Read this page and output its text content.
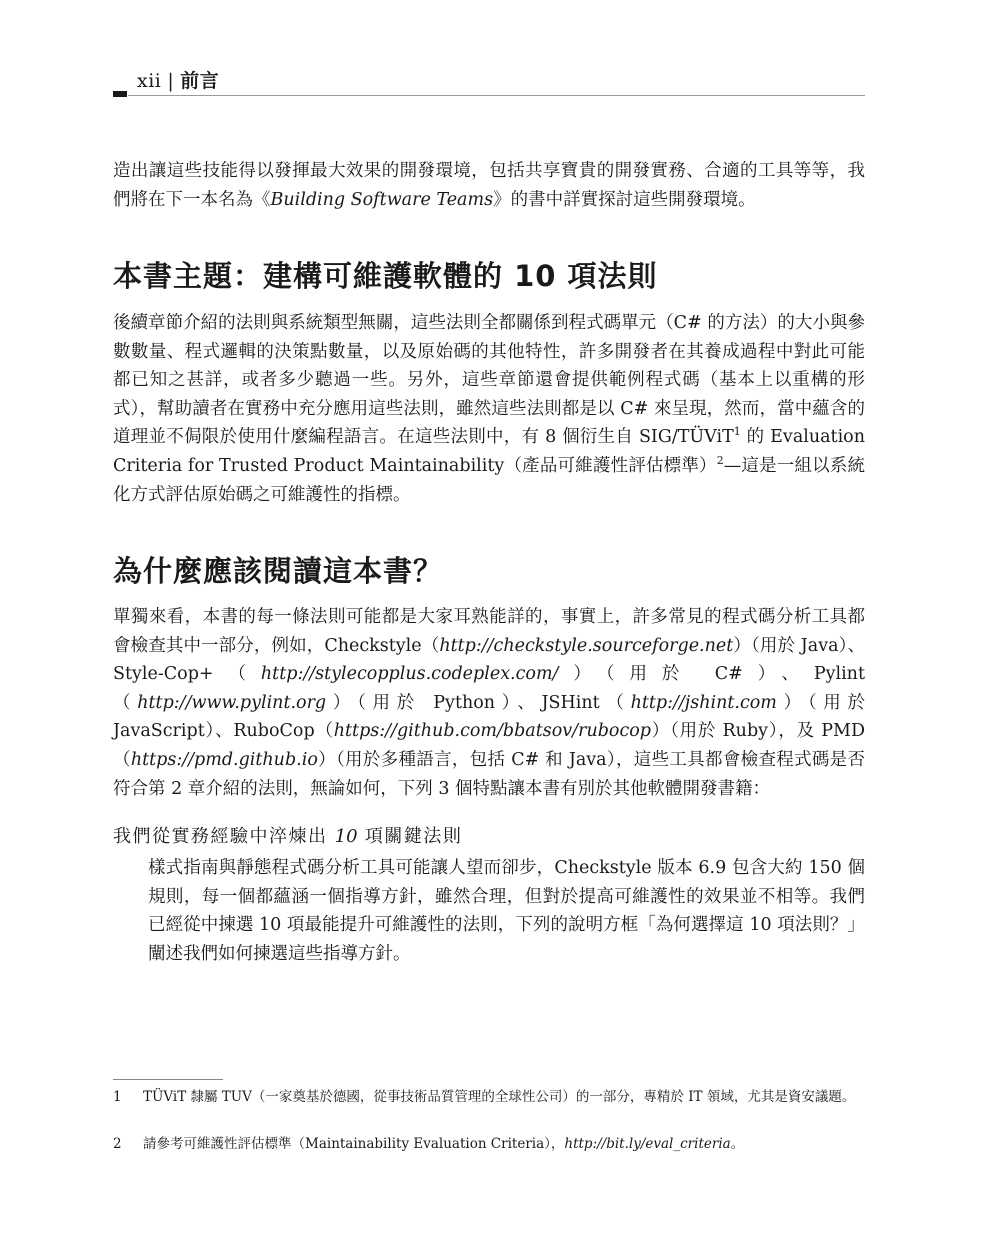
xii | 前言

造出讓這些技能得以發揮最大效果的開發環境，包括共享寶貴的開發實務、合適的工具等等，我們將在下一本名為《Building Software Teams》的書中詳實探討這些開發環境。

本書主題：建構可維護軟體的 10 項法則

後續章節介紹的法則與系統類型無關，這些法則全都關係到程式碼單元（C# 的方法）的大小與參數數量、程式邏輯的決策點數量，以及原始碼的其他特性，許多開發者在其養成過程中對此可能都已知之甚詳，或者多少聽過一些。另外，這些章節還會提供範例程式碼（基本上以重構的形式），幫助讀者在實務中充分應用這些法則，雖然這些法則都是以 C# 來呈現，然而，當中蘊含的道理並不侷限於使用什麼編程語言。在這些法則中，有 8 個衍生自 SIG/TÜViT$^1$ 的 Evaluation Criteria for Trusted Product Maintainability（產品可維護性評估標準）$^2$—這是一組以系統化方式評估原始碼之可維護性的指標。

為什麼應該閱讀這本書？

單獨來看，本書的每一條法則可能都是大家耳熟能詳的，事實上，許多常見的程式碼分析工具都會檢查其中一部分，例如，Checkstyle（http://checkstyle.sourceforge.net）（用於 Java）、Style-Cop+（http://stylecopplus.codeplex.com/）（用於 C#）、Pylint（http://www.pylint.org）（用於 Python）、JSHint（http://jshint.com）（用於 JavaScript）、RuboCop（https://github.com/bbatsov/rubocop）（用於 Ruby），及 PMD（https://pmd.github.io）（用於多種語言，包括 C# 和 Java），這些工具都會檢查程式碼是否符合第 2 章介紹的法則，無論如何，下列 3 個特點讓本書有別於其他軟體開發書籍：

我們從實務經驗中淬煉出 10 項關鍵法則

樣式指南與靜態程式碼分析工具可能讓人望而卻步，Checkstyle 版本 6.9 包含大約 150 個規則，每一個都蘊涵一個指導方針，雖然合理，但對於提高可維護性的效果並不相等。我們已經從中揀選 10 項最能提升可維護性的法則，下列的說明方框「為何選擇這 10 項法則？」闡述我們如何揀選這些指導方針。

1 TÜViT 隸屬 TUV（一家奠基於德國，從事技術品質管理的全球性公司）的一部分，專精於 IT 領域，尤其是資安議題。
2 請參考可維護性評估標準（Maintainability Evaluation Criteria），http://bit.ly/eval_criteria。
